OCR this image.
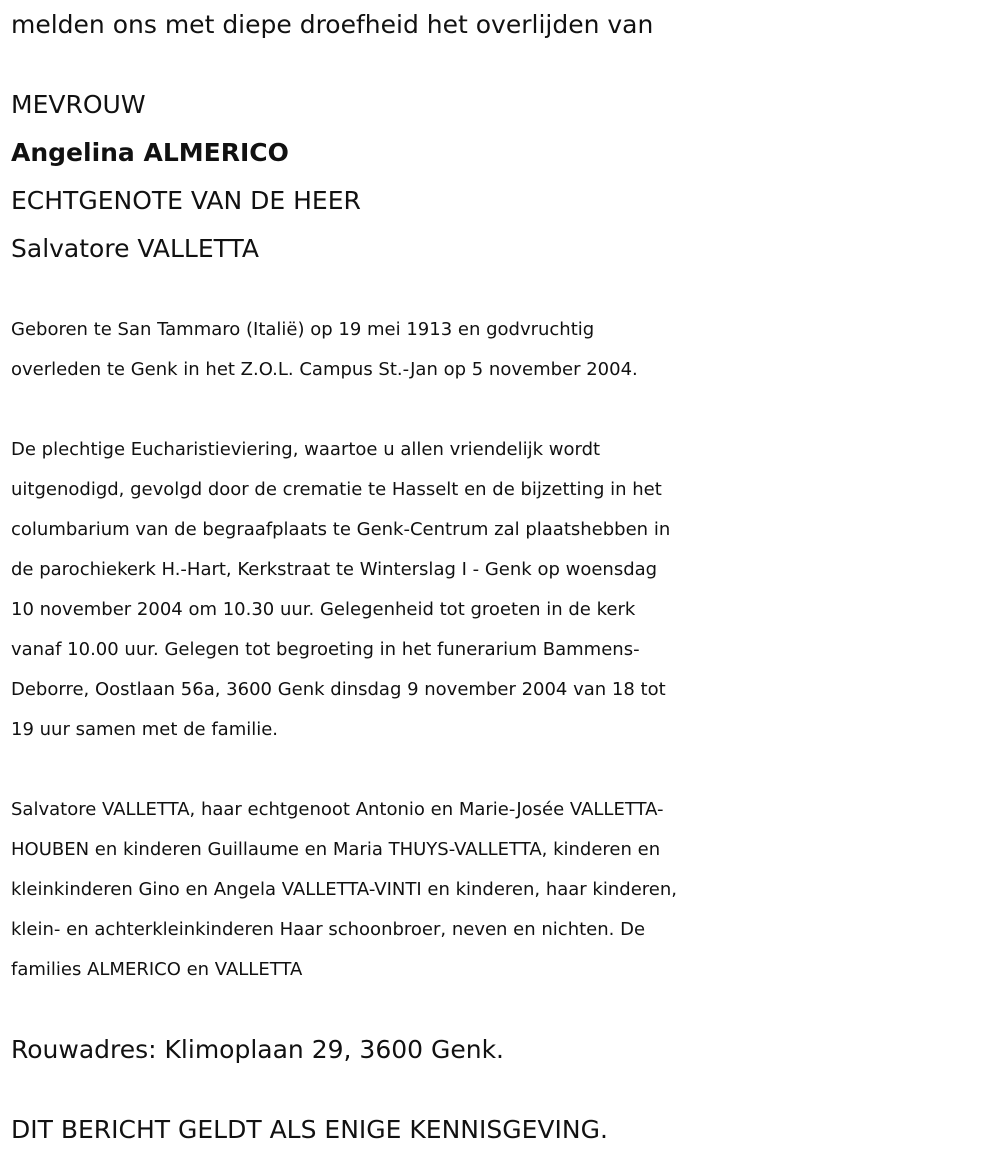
melden ons met diepe droefheid het overlijden van
MEVROUW
Angelina ALMERICO
ECHTGENOTE VAN DE HEER
Salvatore VALLETTA
Geboren te San Tammaro (Italië) op 19 mei 1913 en godvruchtig
overleden te Genk in het Z.O.L. Campus St.-Jan op 5 november 2004.
De plechtige Eucharistieviering, waartoe u allen vriendelijk wordt
uitgenodigd, gevolgd door de crematie te Hasselt en de bijzetting in het
columbarium van de begraafplaats te Genk-Centrum zal plaatshebben in
de parochiekerk H.-Hart, Kerkstraat te Winterslag I - Genk op woensdag
10 november 2004 om 10.30 uur. Gelegenheid tot groeten in de kerk
vanaf 10.00 uur. Gelegen tot begroeting in het funerarium Bammens-
Deborre, Oostlaan 56a, 3600 Genk dinsdag 9 november 2004 van 18 tot
19 uur samen met de familie.
Salvatore VALLETTA, haar echtgenoot Antonio en Marie-Josée VALLETTA-
HOUBEN en kinderen Guillaume en Maria THUYS-VALLETTA, kinderen en
kleinkinderen Gino en Angela VALLETTA-VINTI en kinderen, haar kinderen,
klein- en achterkleinkinderen Haar schoonbroer, neven en nichten. De
families ALMERICO en VALLETTA
Rouwadres: Klimoplaan 29, 3600 Genk.
DIT BERICHT GELDT ALS ENIGE KENNISGEVING.
